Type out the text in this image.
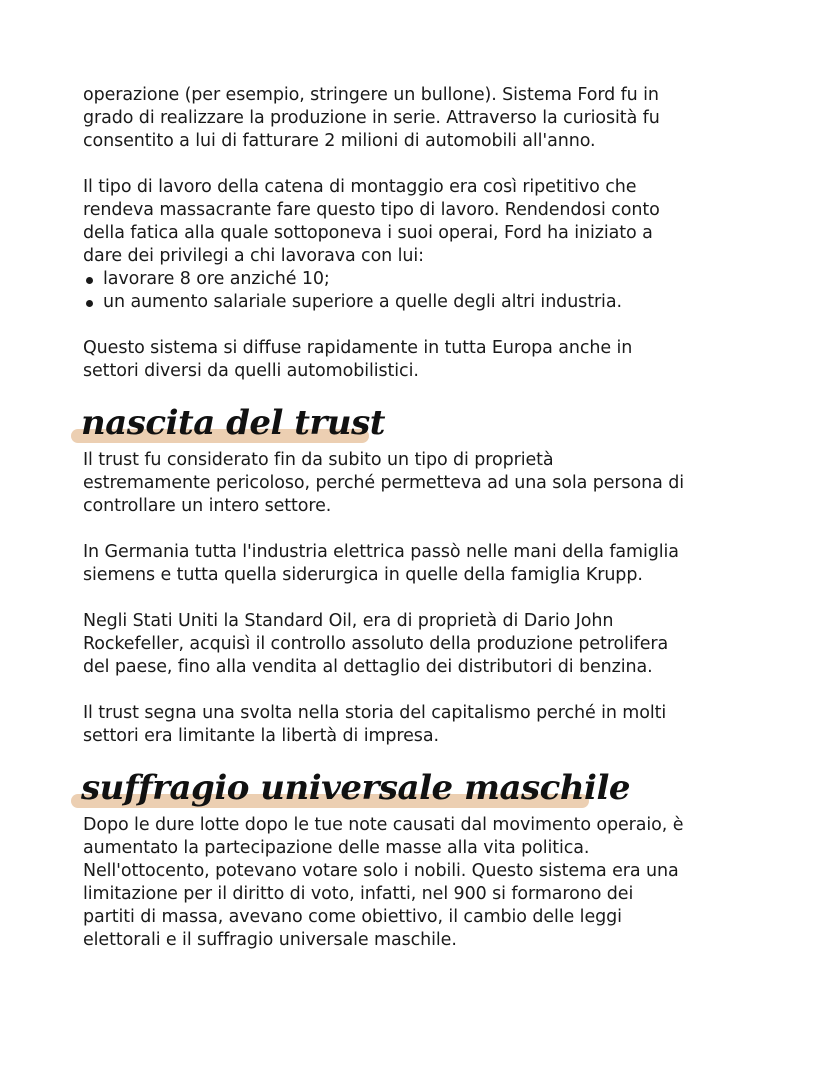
operazione (per esempio, stringere un bullone). Sistema Ford fu in
grado di realizzare la produzione in serie. Attraverso la curiosità fu
consentito a lui di fatturare 2 milioni di automobili all'anno.

Il tipo di lavoro della catena di montaggio era così ripetitivo che
rendeva massacrante fare questo tipo di lavoro. Rendendosi conto
della fatica alla quale sottoponeva i suoi operai, Ford ha iniziato a
dare dei privilegi a chi lavorava con lui:

lavorare 8 ore anziché 10;
un aumento salariale superiore a quelle degli altri industria.

Questo sistema si diffuse rapidamente in tutta Europa anche in
settori diversi da quelli automobilistici.

nascita del trust

Il trust fu considerato fin da subito un tipo di proprietà
estremamente pericoloso, perché permetteva ad una sola persona di
controllare un intero settore.

In Germania tutta l'industria elettrica passò nelle mani della famiglia
siemens e tutta quella siderurgica in quelle della famiglia Krupp.

Negli Stati Uniti la Standard Oil, era di proprietà di Dario John
Rockefeller, acquisì il controllo assoluto della produzione petrolifera
del paese, fino alla vendita al dettaglio dei distributori di benzina.

Il trust segna una svolta nella storia del capitalismo perché in molti
settori era limitante la libertà di impresa.

suffragio universale maschile

Dopo le dure lotte dopo le tue note causati dal movimento operaio, è
aumentato la partecipazione delle masse alla vita politica.
Nell'ottocento, potevano votare solo i nobili. Questo sistema era una
limitazione per il diritto di voto, infatti, nel 900 si formarono dei
partiti di massa, avevano come obiettivo, il cambio delle leggi
elettorali e il suffragio universale maschile.
